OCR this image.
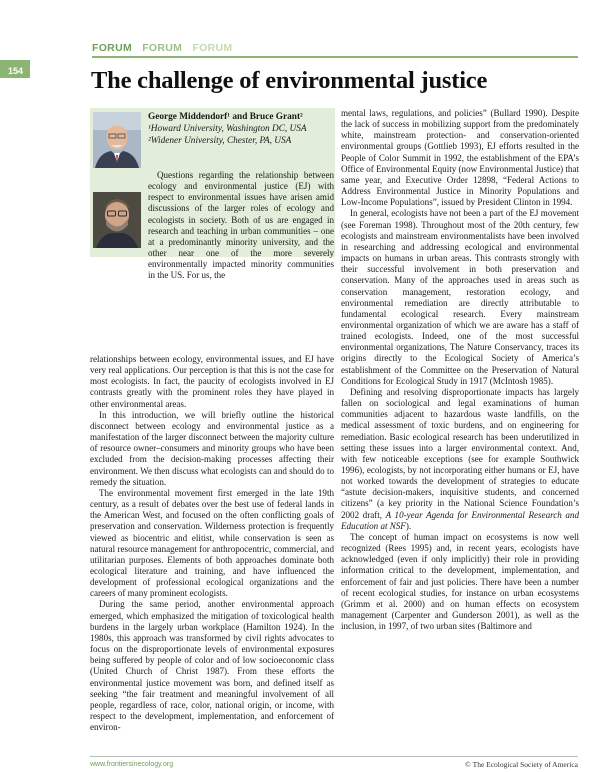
FORUM FORUM FORUM
154	The challenge of environmental justice
George Middendorf¹ and Bruce Grant²
¹Howard University, Washington DC, USA
²Widener University, Chester, PA, USA

Questions regarding the relationship between ecology and environmental justice (EJ) with respect to environmental issues have arisen amid discussions of the larger roles of ecology and ecologists in society. Both of us are engaged in research and teaching in urban communities – one at a predominantly minority university, and the other near one of the more severely environmentally impacted minority communities in the US. For us, the

relationships between ecology, environmental issues, and EJ have very real applications. Our perception is that this is not the case for most ecologists. In fact, the paucity of ecologists involved in EJ contrasts greatly with the prominent roles they have played in other environmental areas.

In this introduction, we will briefly outline the historical disconnect between ecology and environmental justice as a manifestation of the larger disconnect between the majority culture of resource owner–consumers and minority groups who have been excluded from the decision-making processes affecting their environment. We then discuss what ecologists can and should do to remedy the situation.

The environmental movement first emerged in the late 19th century, as a result of debates over the best use of federal lands in the American West, and focused on the often conflicting goals of preservation and conservation. Wilderness protection is frequently viewed as biocentric and elitist, while conservation is seen as natural resource management for anthropocentric, commercial, and utilitarian purposes. Elements of both approaches dominate both ecological literature and training, and have influenced the development of professional ecological organizations and the careers of many prominent ecologists.

During the same period, another environmental approach emerged, which emphasized the mitigation of toxicological health burdens in the largely urban workplace (Hamilton 1924). In the 1980s, this approach was transformed by civil rights advocates to focus on the disproportionate levels of environmental exposures being suffered by people of color and of low socioeconomic class (United Church of Christ 1987). From these efforts the environmental justice movement was born, and defined itself as seeking “the fair treatment and meaningful involvement of all people, regardless of race, color, national origin, or income, with respect to the development, implementation, and enforcement of environ-

mental laws, regulations, and policies” (Bullard 1990). Despite the lack of success in mobilizing support from the predominately white, mainstream protection- and conservation-oriented environmental groups (Gottlieb 1993), EJ efforts resulted in the People of Color Summit in 1992, the establishment of the EPA’s Office of Environmental Equity (now Environmental Justice) that same year, and Executive Order 12898, “Federal Actions to Address Environmental Justice in Minority Populations and Low-Income Populations”, issued by President Clinton in 1994.

In general, ecologists have not been a part of the EJ movement (see Foreman 1998). Throughout most of the 20th century, few ecologists and mainstream environmentalists have been involved in researching and addressing ecological and environmental impacts on humans in urban areas. This contrasts strongly with their successful involvement in both preservation and conservation. Many of the approaches used in areas such as conservation management, restoration ecology, and environmental remediation are directly attributable to fundamental ecological research. Every mainstream environmental organization of which we are aware has a staff of trained ecologists. Indeed, one of the most successful environmental organizations, The Nature Conservancy, traces its origins directly to the Ecological Society of America’s establishment of the Committee on the Preservation of Natural Conditions for Ecological Study in 1917 (McIntosh 1985).

Defining and resolving disproportionate impacts has largely fallen on sociological and legal examinations of human communities adjacent to hazardous waste landfills, on the medical assessment of toxic burdens, and on engineering for remediation. Basic ecological research has been underutilized in setting these issues into a larger environmental context. And, with few noticeable exceptions (see for example Southwick 1996), ecologists, by not incorporating either humans or EJ, have not worked towards the development of strategies to educate “astute decision-makers, inquisitive students, and concerned citizens” (a key priority in the National Science Foundation’s 2002 draft, A 10-year Agenda for Environmental Research and Education at NSF).

The concept of human impact on ecosystems is now well recognized (Rees 1995) and, in recent years, ecologists have acknowledged (even if only implicitly) their role in providing information critical to the development, implementation, and enforcement of fair and just policies. There have been a number of recent ecological studies, for instance on urban ecosystems (Grimm et al. 2000) and on human effects on ecosystem management (Carpenter and Gunderson 2001), as well as the inclusion, in 1997, of two urban sites (Baltimore and

www.frontiersinecology.org	© The Ecological Society of America
